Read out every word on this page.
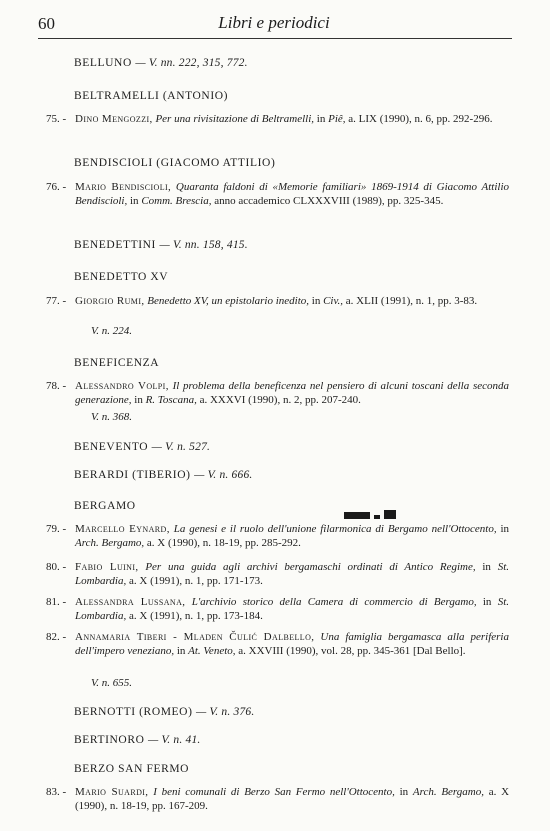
60	Libri e periodici
BELLUNO — V. nn. 222, 315, 772.
BELTRAMELLI (ANTONIO)
75. - Dino Mengozzi, Per una rivisitazione di Beltramelli, in Piê, a. LIX (1990), n. 6, pp. 292-296.
BENDISCIOLI (GIACOMO ATTILIO)
76. - Mario Bendiscioli, Quaranta faldoni di «Memorie familiari» 1869-1914 di Giacomo Attilio Bendiscioli, in Comm. Brescia, anno accademico CLXXXVIII (1989), pp. 325-345.
BENEDETTINI — V. nn. 158, 415.
BENEDETTO XV
77. - Giorgio Rumi, Benedetto XV, un epistolario inedito, in Civ., a. XLII (1991), n. 1, pp. 3-83.
V. n. 224.
BENEFICENZA
78. - Alessandro Volpi, Il problema della beneficenza nel pensiero di alcuni toscani della seconda generazione, in R. Toscana, a. XXXVI (1990), n. 2, pp. 207-240.
V. n. 368.
BENEVENTO — V. n. 527.
BERARDI (TIBERIO) — V. n. 666.
BERGAMO
79. - Marcello Eynard, La genesi e il ruolo dell'unione filarmonica di Bergamo nell'Ottocento, in Arch. Bergamo, a. X (1990), n. 18-19, pp. 285-292.
80. - Fabio Luini, Per una guida agli archivi bergamaschi ordinati di Antico Regime, in St. Lombardia, a. X (1991), n. 1, pp. 171-173.
81. - Alessandra Lussana, L'archivio storico della Camera di commercio di Bergamo, in St. Lombardia, a. X (1991), n. 1, pp. 173-184.
82. - Annamaria Tiberi - Mladen Čulić Dalbello, Una famiglia bergamasca alla periferia dell'impero veneziano, in At. Veneto, a. XXVIII (1990), vol. 28, pp. 345-361 [Dal Bello].
V. n. 655.
BERNOTTI (ROMEO) — V. n. 376.
BERTINORO — V. n. 41.
BERZO SAN FERMO
83. - Mario Suardi, I beni comunali di Berzo San Fermo nell'Ottocento, in Arch. Bergamo, a. X (1990), n. 18-19, pp. 167-209.
